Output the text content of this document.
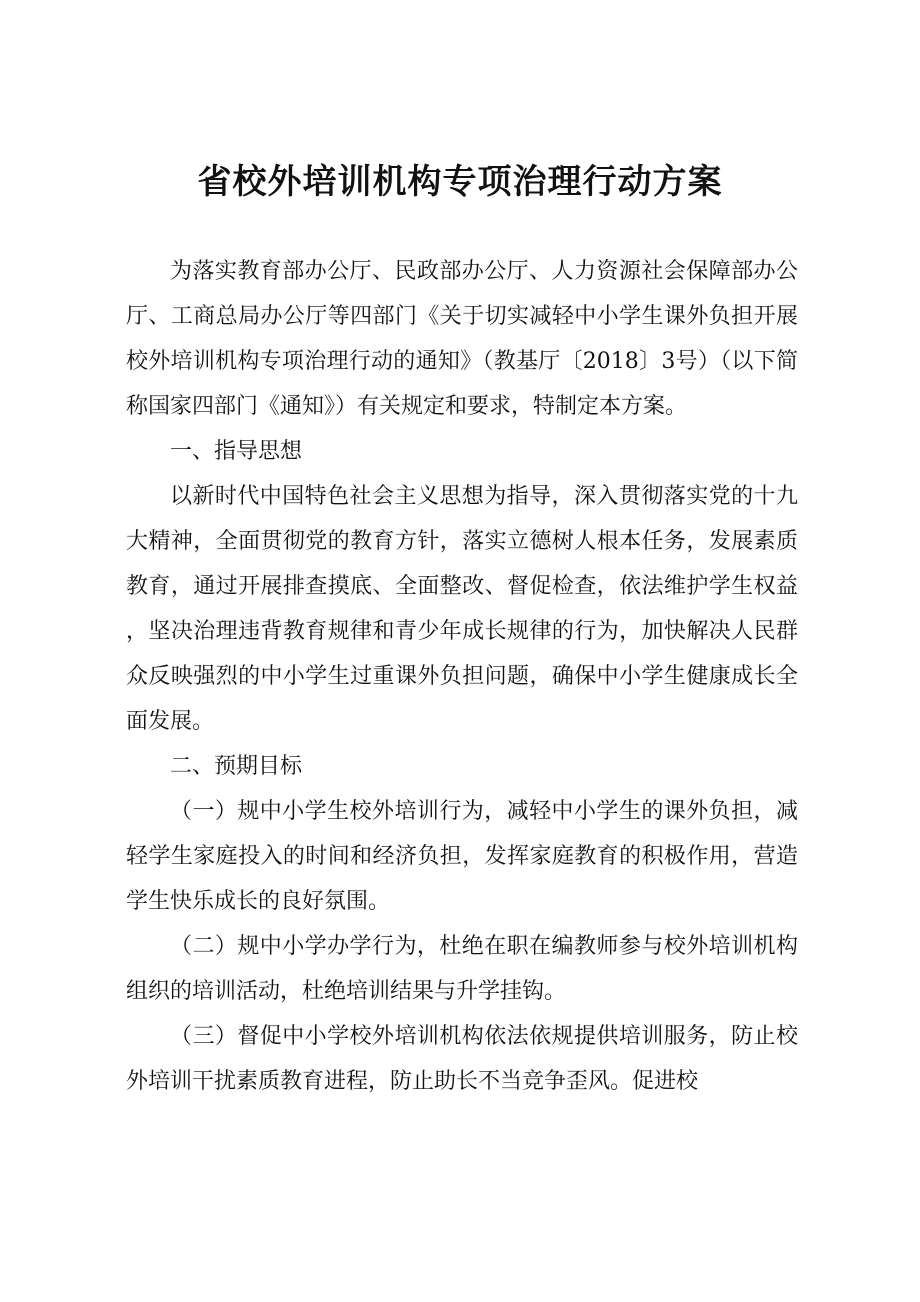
省校外培训机构专项治理行动方案

为落实教育部办公厅、民政部办公厅、人力资源社会保障部办公厅、工商总局办公厅等四部门《关于切实减轻中小学生课外负担开展校外培训机构专项治理行动的通知》（教基厅〔2018〕3号）（以下简称国家四部门《通知》）有关规定和要求，特制定本方案。

一、指导思想

以新时代中国特色社会主义思想为指导，深入贯彻落实党的十九大精神，全面贯彻党的教育方针，落实立德树人根本任务，发展素质教育，通过开展排查摸底、全面整改、督促检查，依法维护学生权益，坚决治理违背教育规律和青少年成长规律的行为，加快解决人民群众反映强烈的中小学生过重课外负担问题，确保中小学生健康成长全面发展。

二、预期目标

（一）规中小学生校外培训行为，减轻中小学生的课外负担，减轻学生家庭投入的时间和经济负担，发挥家庭教育的积极作用，营造学生快乐成长的良好氛围。

（二）规中小学办学行为，杜绝在职在编教师参与校外培训机构组织的培训活动，杜绝培训结果与升学挂钩。

（三）督促中小学校外培训机构依法依规提供培训服务，防止校外培训干扰素质教育进程，防止助长不当竞争歪风。促进校
